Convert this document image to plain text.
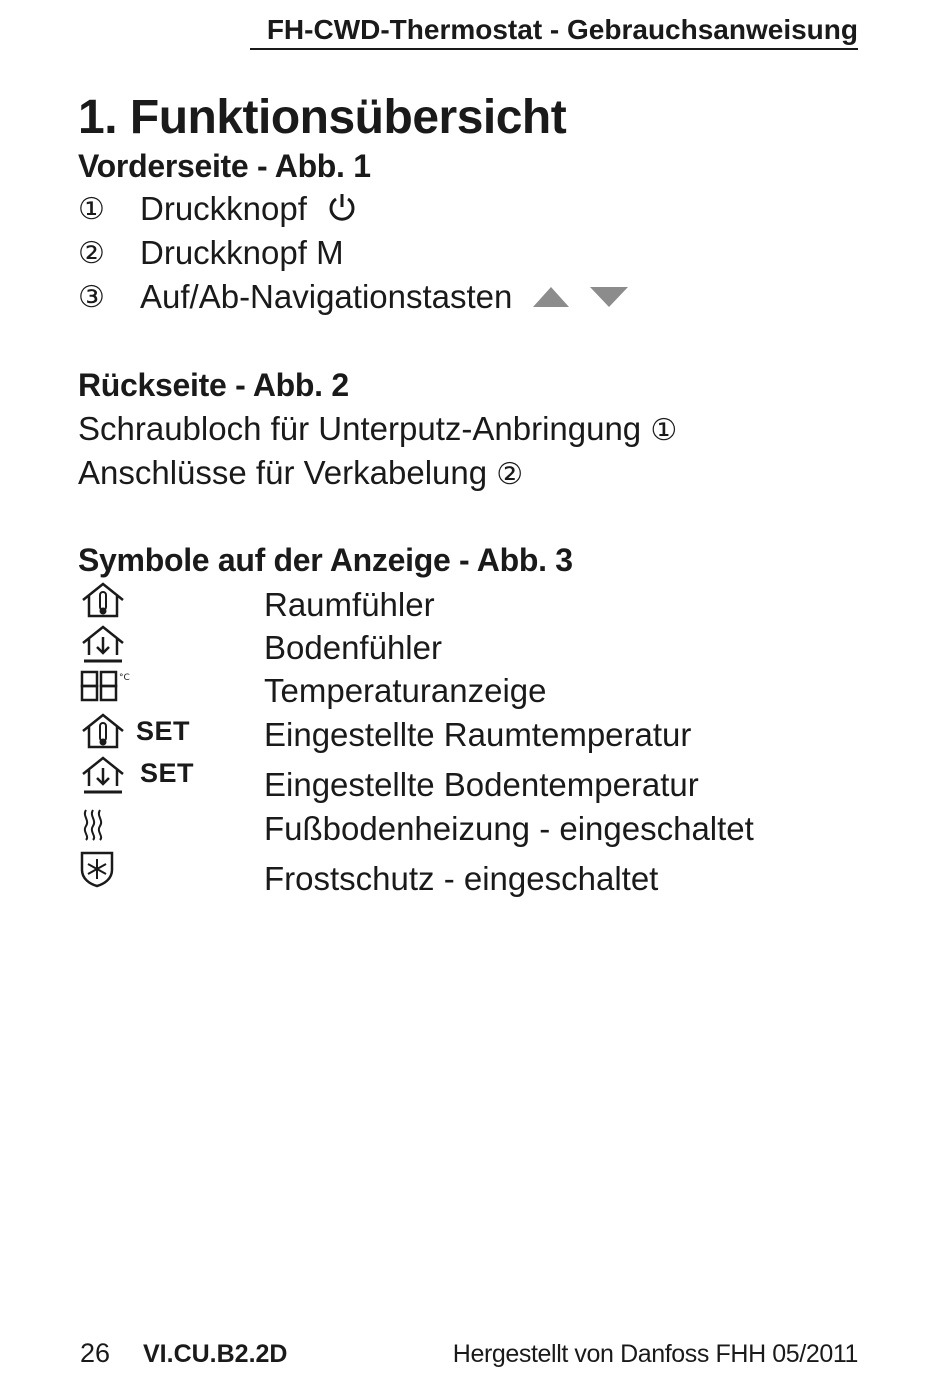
FH-CWD-Thermostat - Gebrauchsanweisung
1. Funktionsübersicht
Vorderseite - Abb. 1
① Druckknopf
② Druckknopf M
③ Auf/Ab-Navigationstasten
Rückseite - Abb. 2
Schraubloch für Unterputz-Anbringung ①
Anschlüsse für Verkabelung ②
Symbole auf der Anzeige - Abb. 3
Raumfühler
Bodenfühler
°C	Temperaturanzeige
SET Eingestellte Raumtemperatur
SET Eingestellte Bodentemperatur
Fußbodenheizung - eingeschaltet
Frostschutz - eingeschaltet
26 VI.CU.B2.2D	Hergestellt von Danfoss FHH 05/2011
